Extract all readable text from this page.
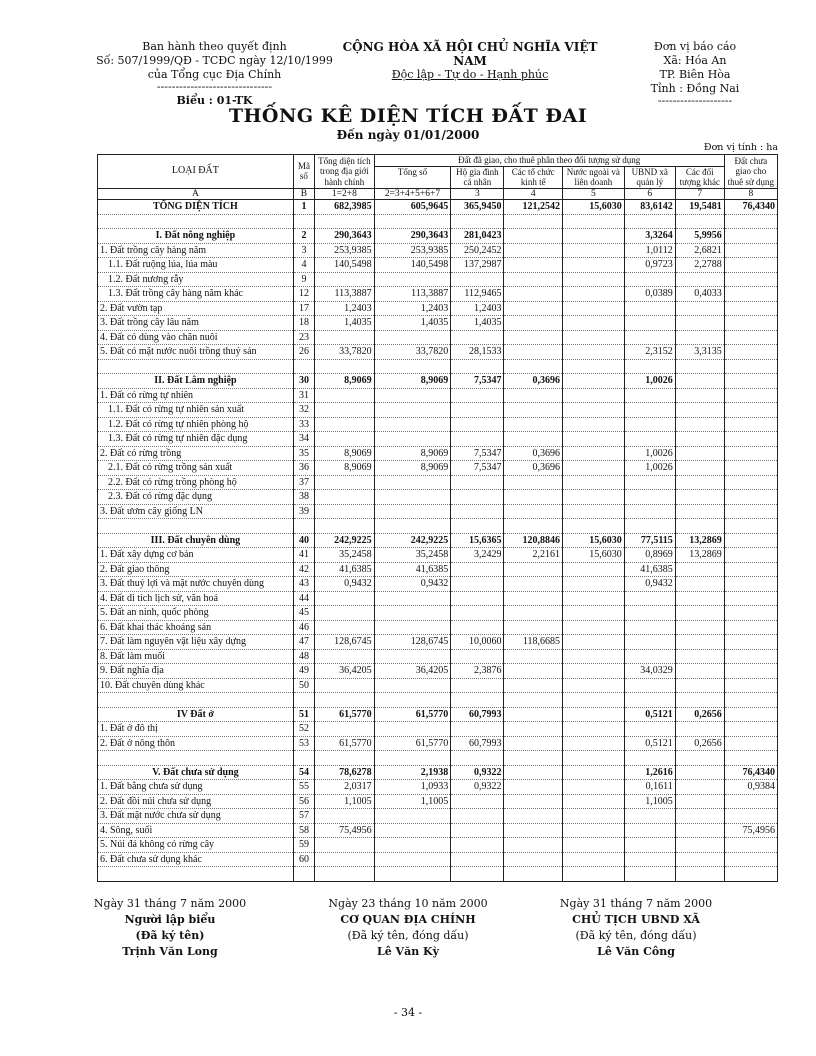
Ban hành theo quyết định
Số: 507/1999/QĐ - TCĐC ngày 12/10/1999
của Tổng cục Địa Chính
-------------------------------
Biểu : 01-TK
CỘNG HÒA XÃ HỘI CHỦ NGHĨA VIỆT NAM
Độc lập - Tự do - Hạnh phúc
Đơn vị báo cáo
Xã: Hóa An
TP. Biên Hòa
Tỉnh : Đồng Nai
--------------------
THỐNG KÊ DIỆN TÍCH ĐẤT ĐAI
Đến ngày 01/01/2000
Đơn vị tính : ha
LOẠI ĐẤT	Mã số	Tổng diện tích trong địa giới hành chính	Đất đã giao, cho thuê phân theo đối tượng sử dụng						Đất chưa giao cho thuê sử dụng
			Tổng số	Hộ gia đình cá nhân	Các tổ chức kinh tế	Nước ngoài và liên doanh	UBND xã quản lý	Các đối tượng khác	
A	B	1=2+8	2=3+4+5+6+7	3	4	5	6	7	8
TỔNG DIỆN TÍCH	1	682,3985	605,9645	365,9450	121,2542	15,6030	83,6142	19,5481	76,4340

I. Đất nông nghiệp	2	290,3643	290,3643	281,0423			3,3264	5,9956	
1. Đất trồng cây hàng năm	3	253,9385	253,9385	250,2452			1,0112	2,6821	
1.1. Đất ruộng lúa, lúa màu	4	140,5498	140,5498	137,2987			0,9723	2,2788	
1.2. Đất nương rẫy	9								
1.3. Đất trồng cây hàng năm khác	12	113,3887	113,3887	112,9465			0,0389	0,4033	
2. Đất vườn tạp	17	1,2403	1,2403	1,2403					
3. Đất trồng cây lâu năm	18	1,4035	1,4035	1,4035					
4. Đất cỏ dùng vào chăn nuôi	23								
5. Đất có mặt nước nuôi trồng thuỷ sản	26	33,7820	33,7820	28,1533			2,3152	3,3135	

II. Đất Lâm nghiệp	30	8,9069	8,9069	7,5347	0,3696		1,0026		
1. Đất có rừng tự nhiên	31								
1.1. Đất có rừng tự nhiên sản xuất	32								
1.2. Đất có rừng tự nhiên phòng hộ	33								
1.3. Đất có rừng tự nhiên đặc dụng	34								
2. Đất có rừng trồng	35	8,9069	8,9069	7,5347	0,3696		1,0026		
2.1. Đất có rừng trồng sản xuất	36	8,9069	8,9069	7,5347	0,3696		1,0026		
2.2. Đất có rừng trồng phòng hộ	37								
2.3. Đất có rừng đặc dụng	38								
3. Đất ươm cây giống LN	39								

III. Đất chuyên dùng	40	242,9225	242,9225	15,6365	120,8846	15,6030	77,5115	13,2869	
1. Đất xây dựng cơ bản	41	35,2458	35,2458	3,2429	2,2161	15,6030	0,8969	13,2869	
2. Đất giao thông	42	41,6385	41,6385				41,6385		
3. Đất thuỷ lợi và mặt nước chuyên dùng	43	0,9432	0,9432				0,9432		
4. Đất di tích lịch sử, văn hoá	44								
5. Đất an ninh, quốc phòng	45								
6. Đất khai thác khoáng sản	46								
7. Đất làm nguyên vật liệu xây dựng	47	128,6745	128,6745	10,0060	118,6685				
8. Đất làm muối	48								
9. Đất nghĩa địa	49	36,4205	36,4205	2,3876			34,0329		
10. Đất chuyên dùng khác	50								

IV Đất ở	51	61,5770	61,5770	60,7993			0,5121	0,2656	
1. Đất ở đô thị	52								
2. Đất ở nông thôn	53	61,5770	61,5770	60,7993			0,5121	0,2656	

V. Đất chưa sử dụng	54	78,6278	2,1938	0,9322			1,2616		76,4340
1. Đất bằng chưa sử dụng	55	2,0317	1,0933	0,9322			0,1611		0,9384
2. Đất đồi núi chưa sử dụng	56	1,1005	1,1005				1,1005		
3. Đất mặt nước chưa sử dụng	57								
4. Sông, suối	58	75,4956							75,4956
5. Núi đá không có rừng cây	59								
6. Đất chưa sử dụng khác	60								

Ngày 31 tháng 7 năm 2000
Người lập biểu
(Đã ký tên)
Trịnh Văn Long
Ngày 23 tháng 10 năm 2000
CƠ QUAN ĐỊA CHÍNH
(Đã ký tên, đóng dấu)
Lê Văn Kỳ
Ngày 31 tháng 7 năm 2000
CHỦ TỊCH UBND XÃ
(Đã ký tên, đóng dấu)
Lê Văn Công
- 34 -
